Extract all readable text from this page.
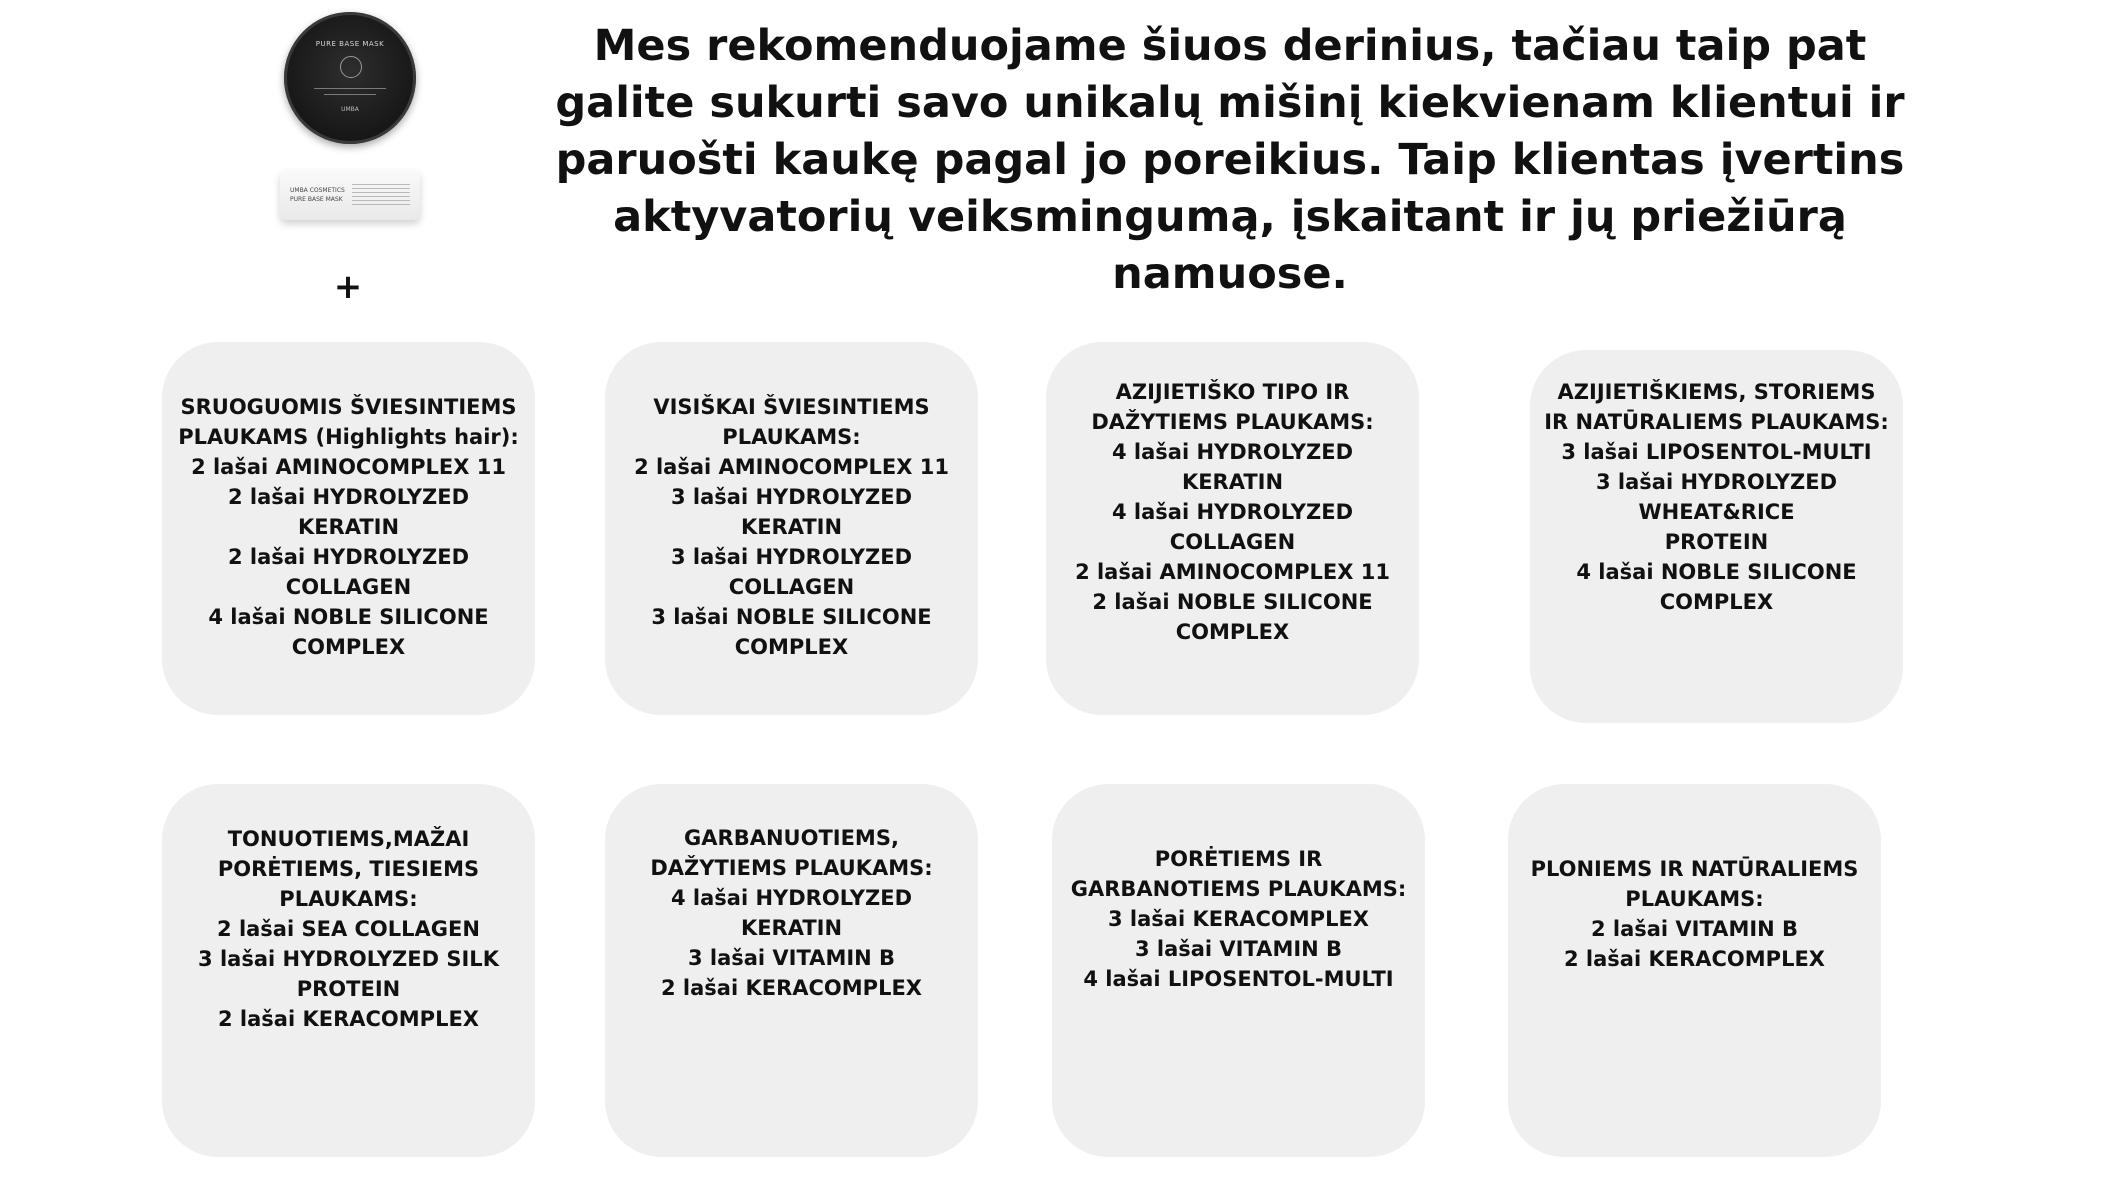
PURE BASE MASK
UMBA
UMBA COSMETICS
PURE BASE MASK
+

Mes rekomenduojame šiuos derinius, tačiau taip pat galite sukurti savo unikalų mišinį kiekvienam klientui ir paruošti kaukę pagal jo poreikius. Taip klientas įvertins aktyvatorių veiksmingumą, įskaitant ir jų priežiūrą namuose.

SRUOGUOMIS ŠVIESINTIEMS PLAUKAMS (Highlights hair):
2 lašai AMINOCOMPLEX 11
2 lašai HYDROLYZED KERATIN
2 lašai HYDROLYZED COLLAGEN
4 lašai NOBLE SILICONE COMPLEX
VISIŠKAI ŠVIESINTIEMS PLAUKAMS:
2 lašai AMINOCOMPLEX 11
3 lašai HYDROLYZED KERATIN
3 lašai HYDROLYZED COLLAGEN
3 lašai NOBLE SILICONE COMPLEX
AZIJIETIŠKO TIPO IR DAŽYTIEMS PLAUKAMS:
4 lašai HYDROLYZED KERATIN
4 lašai HYDROLYZED COLLAGEN
2 lašai AMINOCOMPLEX 11
2 lašai NOBLE SILICONE COMPLEX
AZIJIETIŠKIEMS, STORIEMS IR NATŪRALIEMS PLAUKAMS:
3 lašai LIPOSENTOL-MULTI
3 lašai HYDROLYZED WHEAT&RICE
PROTEIN
4 lašai NOBLE SILICONE COMPLEX
TONUOTIEMS,MAŽAI PORĖTIEMS, TIESIEMS PLAUKAMS:
2 lašai SEA COLLAGEN
3 lašai HYDROLYZED SILK PROTEIN
2 lašai KERACOMPLEX
GARBANUOTIEMS, DAŽYTIEMS PLAUKAMS:
4 lašai HYDROLYZED KERATIN
3 lašai VITAMIN B
2 lašai KERACOMPLEX
PORĖTIEMS IR GARBANOTIEMS PLAUKAMS:
3 lašai KERACOMPLEX
3 lašai VITAMIN B
4 lašai LIPOSENTOL-MULTI
PLONIEMS IR NATŪRALIEMS PLAUKAMS:
2 lašai VITAMIN B
2 lašai KERACOMPLEX
